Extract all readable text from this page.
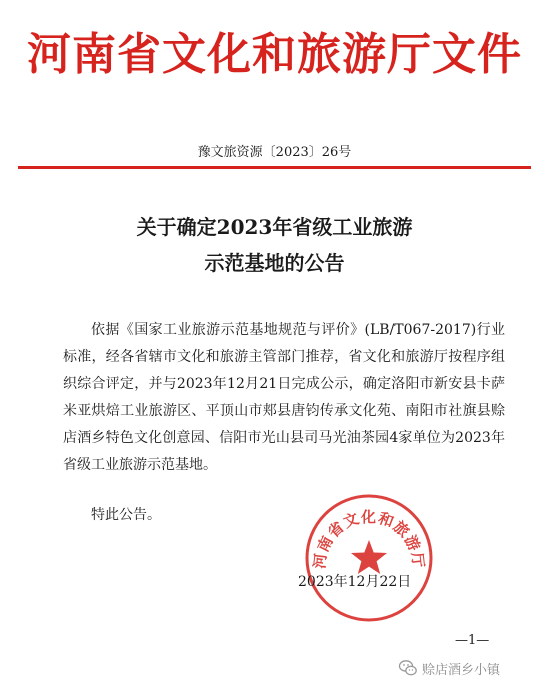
河南省文化和旅游厅文件
豫文旅资源〔2023〕26号
关于确定2023年省级工业旅游
示范基地的公告

依据《国家工业旅游示范基地规范与评价》(LB/T067-2017)行业标准，经各省辖市文化和旅游主管部门推荐，省文化和旅游厅按程序组织综合评定，并与2023年12月21日完成公示，确定洛阳市新安县卡萨米亚烘焙工业旅游区、平顶山市郏县唐钧传承文化苑、南阳市社旗县赊店酒乡特色文化创意园、信阳市光山县司马光油茶园4家单位为2023年省级工业旅游示范基地。

特此公告。
河南省文化和旅游厅
2023年12月22日
—1—
赊店酒乡小镇
